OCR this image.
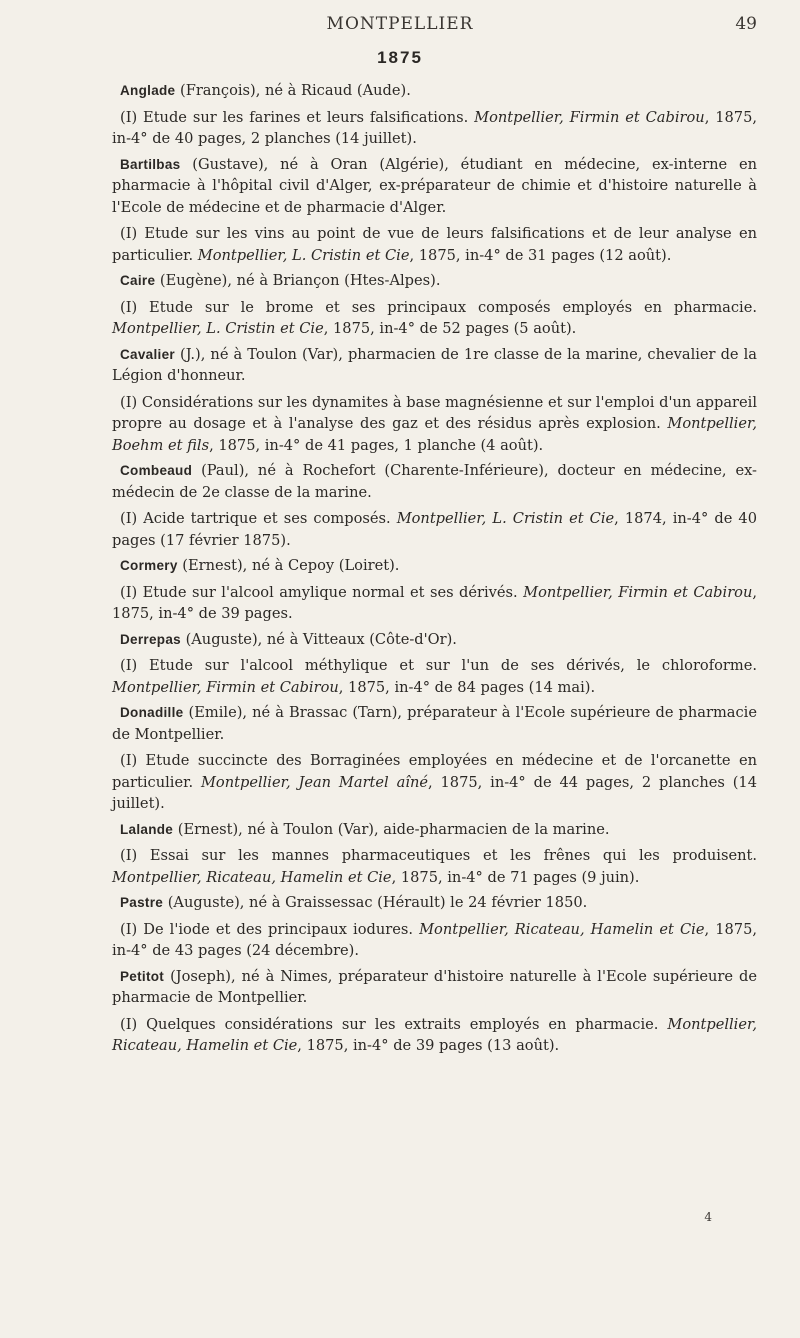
MONTPELLIER	49
1875

Anglade (François), né à Ricaud (Aude).

(I) Etude sur les farines et leurs falsifications. Montpellier, Firmin et Cabirou, 1875, in-4° de 40 pages, 2 planches (14 juillet).

Bartilbas (Gustave), né à Oran (Algérie), étudiant en médecine, ex-interne en pharmacie à l'hôpital civil d'Alger, ex-préparateur de chimie et d'histoire naturelle à l'Ecole de médecine et de pharmacie d'Alger.

(I) Etude sur les vins au point de vue de leurs falsifications et de leur analyse en particulier. Montpellier, L. Cristin et Cie, 1875, in-4° de 31 pages (12 août).

Caire (Eugène), né à Briançon (Htes-Alpes).

(I) Etude sur le brome et ses principaux composés employés en pharmacie. Montpellier, L. Cristin et Cie, 1875, in-4° de 52 pages (5 août).

Cavalier (J.), né à Toulon (Var), pharmacien de 1re classe de la marine, chevalier de la Légion d'honneur.

(I) Considérations sur les dynamites à base magnésienne et sur l'emploi d'un appareil propre au dosage et à l'analyse des gaz et des résidus après explosion. Montpellier, Boehm et fils, 1875, in-4° de 41 pages, 1 planche (4 août).

Combeaud (Paul), né à Rochefort (Charente-Inférieure), docteur en médecine, ex-médecin de 2e classe de la marine.

(I) Acide tartrique et ses composés. Montpellier, L. Cristin et Cie, 1874, in-4° de 40 pages (17 février 1875).

Cormery (Ernest), né à Cepoy (Loiret).

(I) Etude sur l'alcool amylique normal et ses dérivés. Montpellier, Firmin et Cabirou, 1875, in-4° de 39 pages.

Derrepas (Auguste), né à Vitteaux (Côte-d'Or).

(I) Etude sur l'alcool méthylique et sur l'un de ses dérivés, le chloroforme. Montpellier, Firmin et Cabirou, 1875, in-4° de 84 pages (14 mai).

Donadille (Emile), né à Brassac (Tarn), préparateur à l'Ecole supérieure de pharmacie de Montpellier.

(I) Etude succincte des Borraginées employées en médecine et de l'orcanette en particulier. Montpellier, Jean Martel aîné, 1875, in-4° de 44 pages, 2 planches (14 juillet).

Lalande (Ernest), né à Toulon (Var), aide-pharmacien de la marine.

(I) Essai sur les mannes pharmaceutiques et les frênes qui les produisent. Montpellier, Ricateau, Hamelin et Cie, 1875, in-4° de 71 pages (9 juin).

Pastre (Auguste), né à Graissessac (Hérault) le 24 février 1850.

(I) De l'iode et des principaux iodures. Montpellier, Ricateau, Hamelin et Cie, 1875, in-4° de 43 pages (24 décembre).

Petitot (Joseph), né à Nimes, préparateur d'histoire naturelle à l'Ecole supérieure de pharmacie de Montpellier.

(I) Quelques considérations sur les extraits employés en pharmacie. Montpellier, Ricateau, Hamelin et Cie, 1875, in-4° de 39 pages (13 août).

4
